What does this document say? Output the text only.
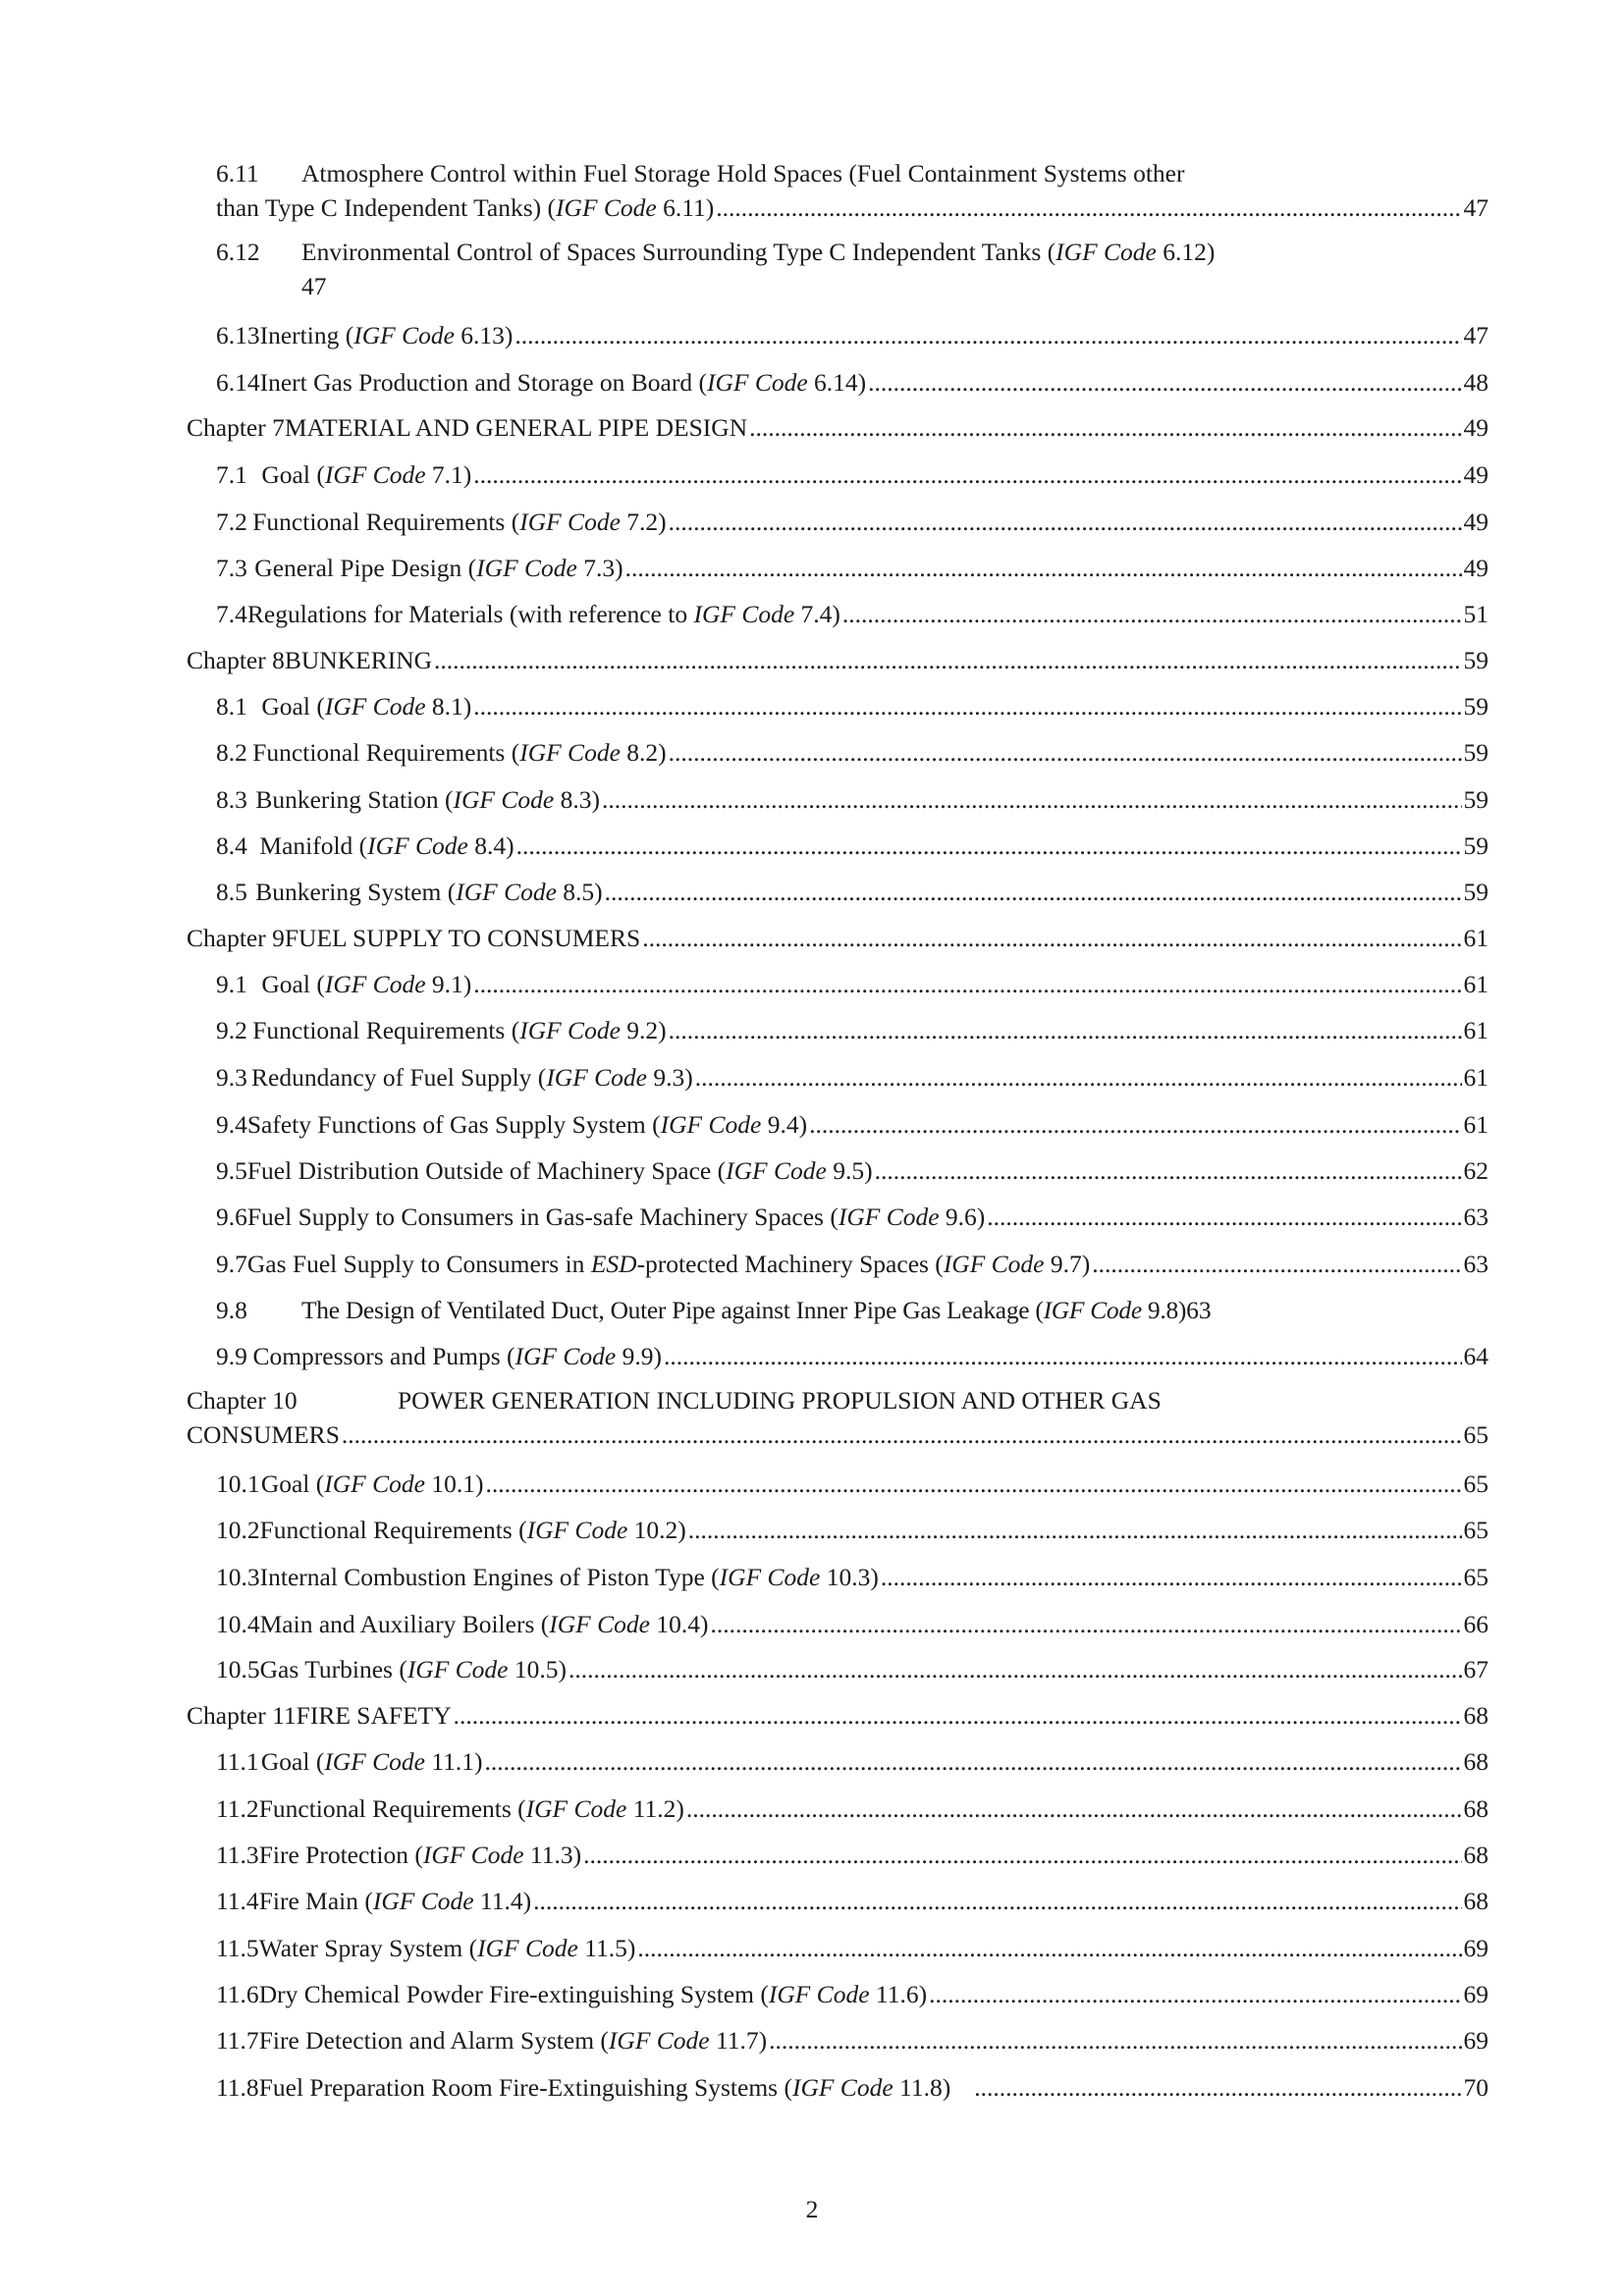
6.11 Atmosphere Control within Fuel Storage Hold Spaces (Fuel Containment Systems other
than Type C Independent Tanks) (IGF Code 6.11) .....	47
6.12 Environmental Control of Spaces Surrounding Type C Independent Tanks (IGF Code 6.12)
47
6.13 Inerting (IGF Code 6.13) .....	47
6.14 Inert Gas Production and Storage on Board (IGF Code 6.14) .....	48
Chapter 7 MATERIAL AND GENERAL PIPE DESIGN .....	49
7.1 Goal (IGF Code 7.1) .....	49
7.2 Functional Requirements (IGF Code 7.2) .....	49
7.3 General Pipe Design (IGF Code 7.3) .....	49
7.4 Regulations for Materials (with reference to IGF Code 7.4) .....	51
Chapter 8 BUNKERING .....	59
8.1 Goal (IGF Code 8.1) .....	59
8.2 Functional Requirements (IGF Code 8.2) .....	59
8.3 Bunkering Station (IGF Code 8.3) .....	59
8.4 Manifold (IGF Code 8.4) .....	59
8.5 Bunkering System (IGF Code 8.5) .....	59
Chapter 9 FUEL SUPPLY TO CONSUMERS .....	61
9.1 Goal (IGF Code 9.1) .....	61
9.2 Functional Requirements (IGF Code 9.2) .....	61
9.3 Redundancy of Fuel Supply (IGF Code 9.3) .....	61
9.4 Safety Functions of Gas Supply System (IGF Code 9.4) .....	61
9.5 Fuel Distribution Outside of Machinery Space (IGF Code 9.5) .....	62
9.6 Fuel Supply to Consumers in Gas-safe Machinery Spaces (IGF Code 9.6) .....	63
9.7 Gas Fuel Supply to Consumers in ESD-protected Machinery Spaces (IGF Code 9.7) .....	63
9.8	The Design of Ventilated Duct, Outer Pipe against Inner Pipe Gas Leakage (IGF Code 9.8) 63
9.9 Compressors and Pumps (IGF Code 9.9) .....	64
Chapter 10	POWER GENERATION INCLUDING PROPULSION AND OTHER GAS
CONSUMERS .....	65
10.1 Goal (IGF Code 10.1) .....	65
10.2 Functional Requirements (IGF Code 10.2) .....	65
10.3 Internal Combustion Engines of Piston Type (IGF Code 10.3) .....	65
10.4 Main and Auxiliary Boilers (IGF Code 10.4) .....	66
10.5 Gas Turbines (IGF Code 10.5) .....	67
Chapter 11 FIRE SAFETY .....	68
11.1 Goal (IGF Code 11.1) .....	68
11.2 Functional Requirements (IGF Code 11.2) .....	68
11.3 Fire Protection (IGF Code 11.3) .....	68
11.4 Fire Main (IGF Code 11.4) .....	68
11.5 Water Spray System (IGF Code 11.5) .....	69
11.6 Dry Chemical Powder Fire-extinguishing System (IGF Code 11.6) .....	69
11.7 Fire Detection and Alarm System (IGF Code 11.7) .....	69
11.8 Fuel Preparation Room Fire-Extinguishing Systems (IGF Code 11.8) .....	70
2
